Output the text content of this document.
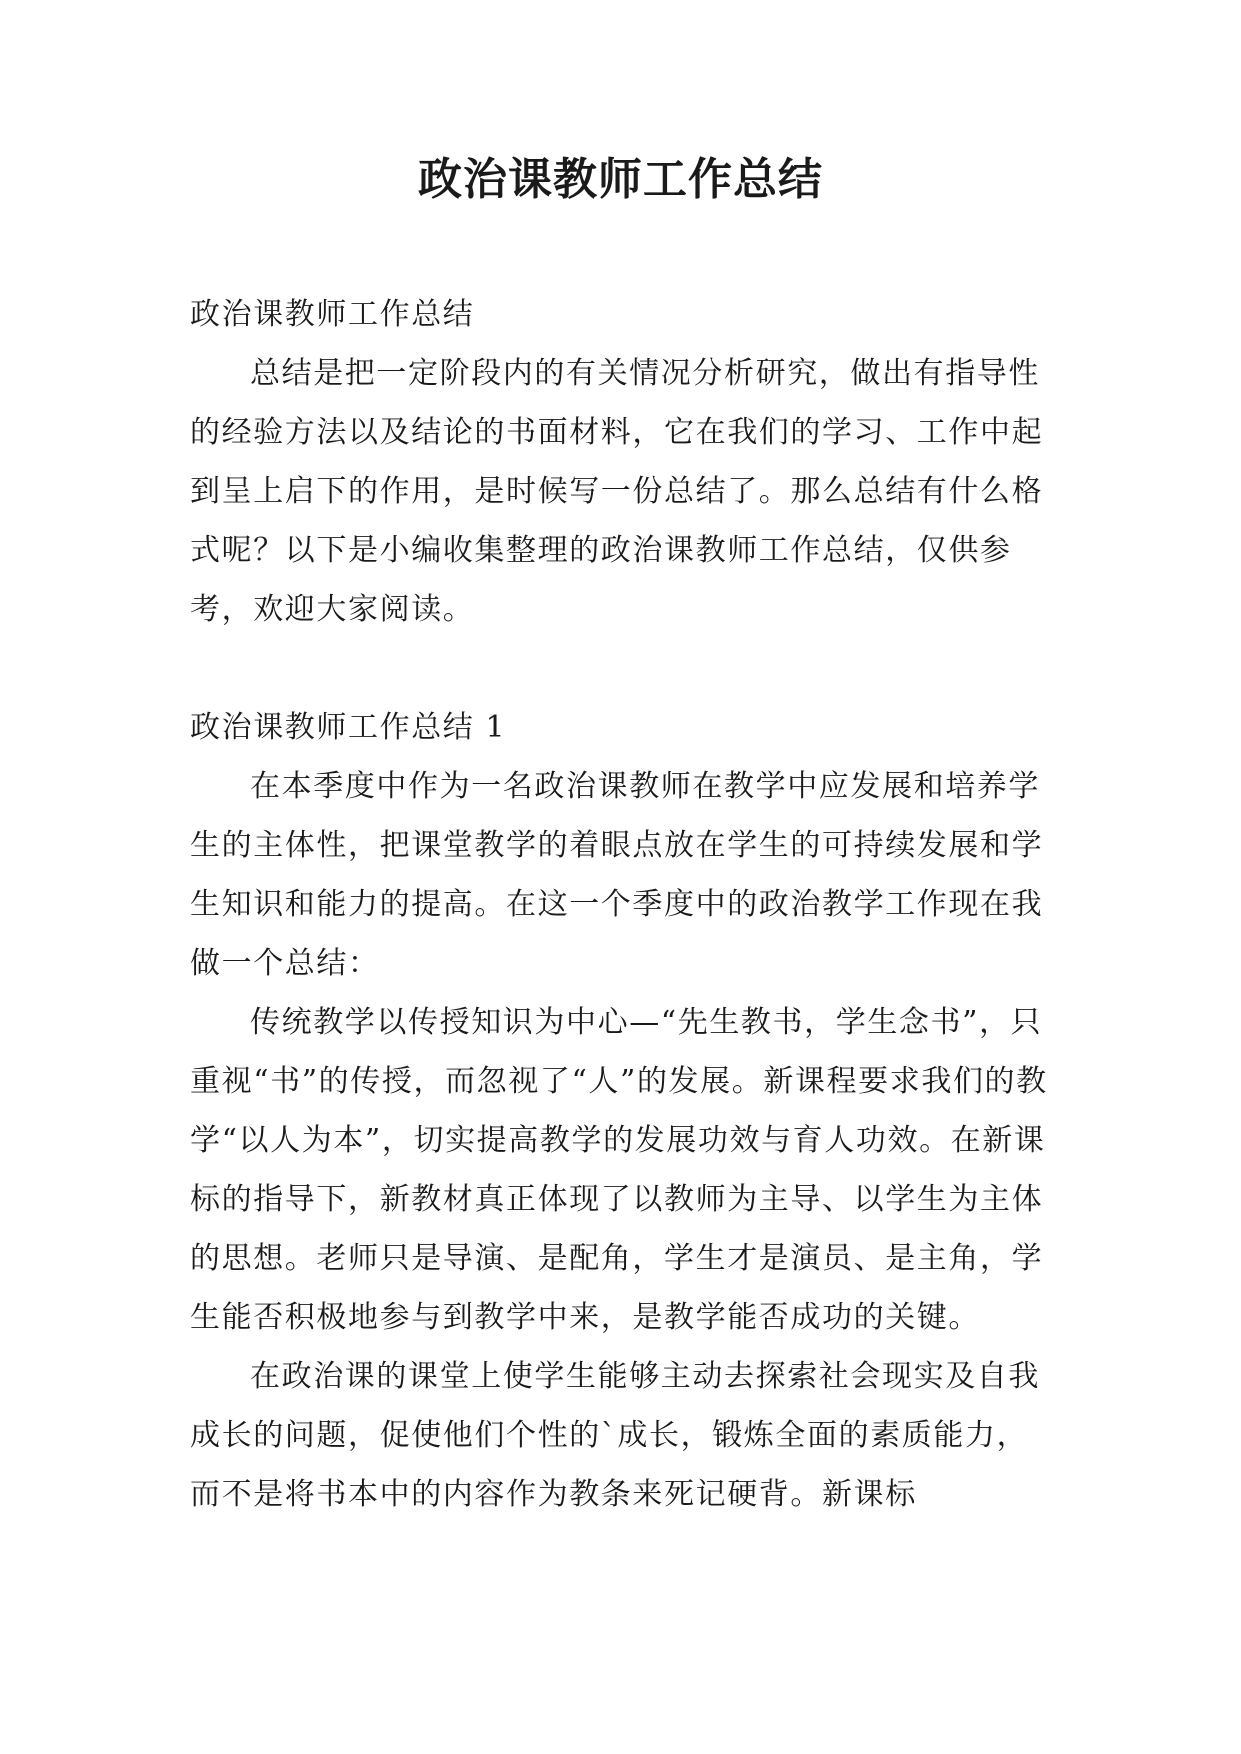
政治课教师工作总结

政治课教师工作总结

总结是把一定阶段内的有关情况分析研究，做出有指导性的经验方法以及结论的书面材料，它在我们的学习、工作中起到呈上启下的作用，是时候写一份总结了。那么总结有什么格式呢？以下是小编收集整理的政治课教师工作总结，仅供参考，欢迎大家阅读。

政治课教师工作总结 1

在本季度中作为一名政治课教师在教学中应发展和培养学生的主体性，把课堂教学的着眼点放在学生的可持续发展和学生知识和能力的提高。在这一个季度中的政治教学工作现在我做一个总结：

传统教学以传授知识为中心—“先生教书，学生念书”，只重视“书”的传授，而忽视了“人”的发展。新课程要求我们的教学“以人为本”，切实提高教学的发展功效与育人功效。在新课标的指导下，新教材真正体现了以教师为主导、以学生为主体的思想。老师只是导演、是配角，学生才是演员、是主角，学生能否积极地参与到教学中来，是教学能否成功的关键。

在政治课的课堂上使学生能够主动去探索社会现实及自我成长的问题，促使他们个性的`成长，锻炼全面的素质能力，而不是将书本中的内容作为教条来死记硬背。新课标
